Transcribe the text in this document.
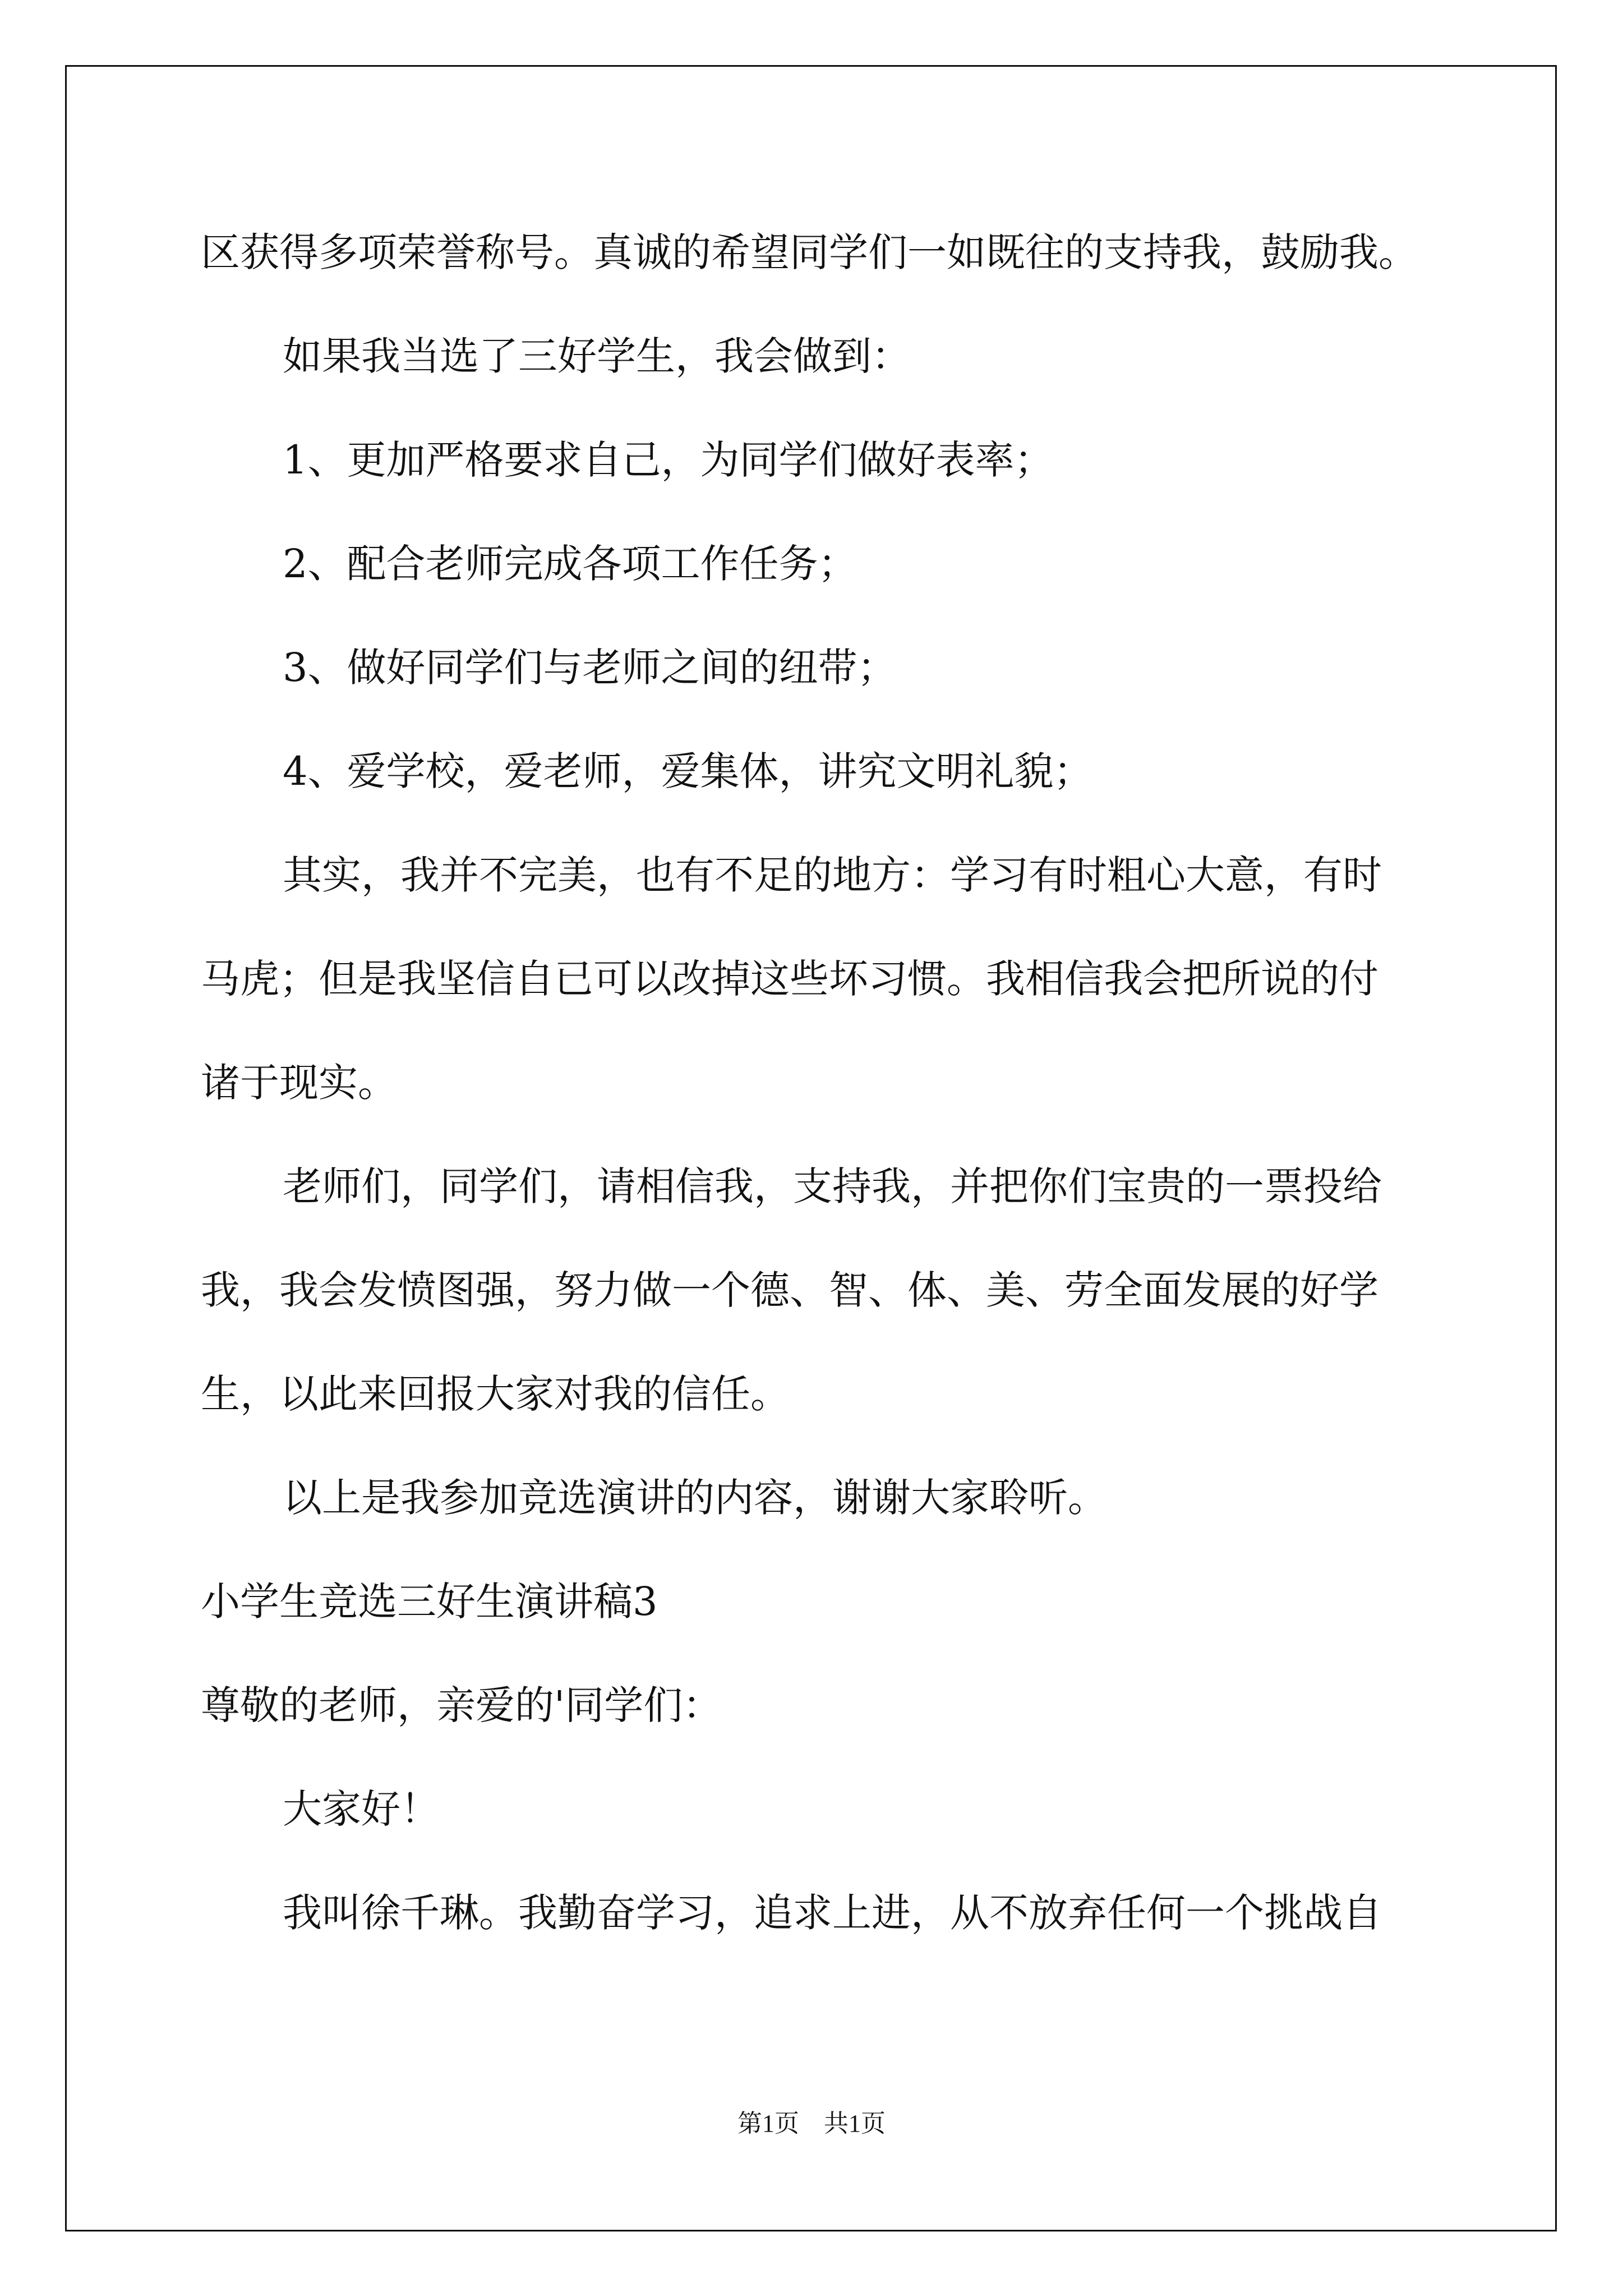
区获得多项荣誉称号。真诚的希望同学们一如既往的支持我，鼓励我。
如果我当选了三好学生，我会做到：
1、更加严格要求自己，为同学们做好表率；
2、配合老师完成各项工作任务；
3、做好同学们与老师之间的纽带；
4、爱学校，爱老师，爱集体，讲究文明礼貌；
其实，我并不完美，也有不足的地方：学习有时粗心大意，有时
马虎；但是我坚信自已可以改掉这些坏习惯。我相信我会把所说的付
诸于现实。
老师们，同学们，请相信我，支持我，并把你们宝贵的一票投给
我，我会发愤图强，努力做一个德、智、体、美、劳全面发展的好学
生，以此来回报大家对我的信任。
以上是我参加竞选演讲的内容，谢谢大家聆听。
小学生竞选三好生演讲稿3
尊敬的老师，亲爱的'同学们：
大家好！
我叫徐千琳。我勤奋学习，追求上进，从不放弃任何一个挑战自
第1页　共1页
